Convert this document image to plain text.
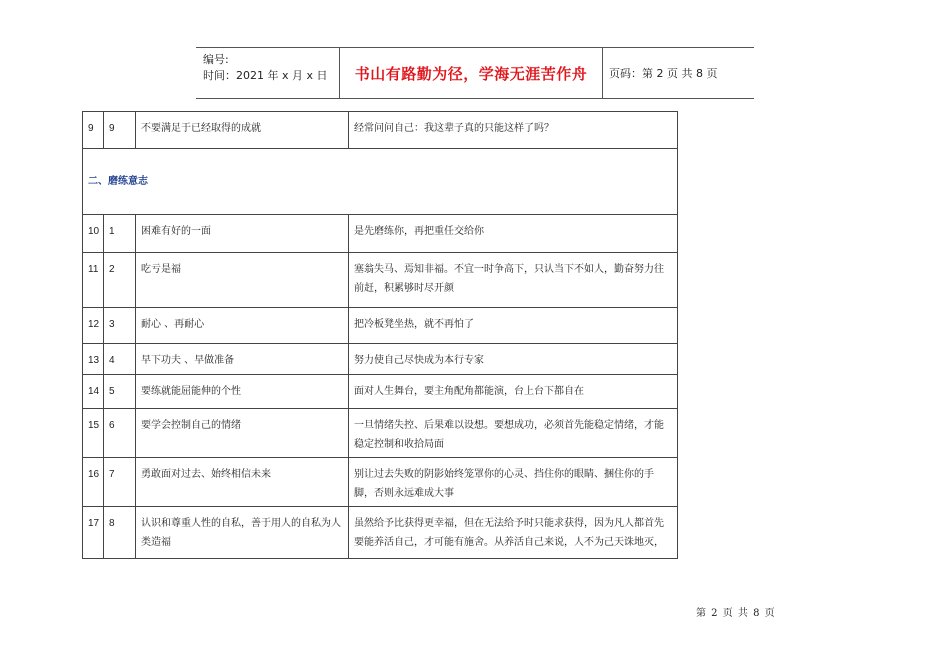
编号:
时间：2021 年 x 月 x 日	书山有路勤为径，学海无涯苦作舟	页码：第 2 页 共 8 页
9	9	不要满足于已经取得的成就	经常问问自己：我这辈子真的只能这样了吗？
二、磨练意志			
10	1	困难有好的一面	是先磨练你，再把重任交给你
11	2	吃亏是福	塞翁失马、焉知非福。不宜一时争高下，只认当下不如人，勤奋努力往前赶，积累够时尽开颜
12	3	耐心 、再耐心	把冷板凳坐热，就不再怕了
13	4	早下功夫 、早做准备	努力使自己尽快成为本行专家
14	5	要练就能屈能伸的个性	面对人生舞台，要主角配角都能演，台上台下都自在
15	6	要学会控制自己的情绪	一旦情绪失控、后果难以设想。要想成功，必须首先能稳定情绪，才能稳定控制和收拾局面
16	7	勇敢面对过去、始终相信未来	别让过去失败的阴影始终笼罩你的心灵、挡住你的眼睛、捆住你的手脚，否则永远难成大事
17	8	认识和尊重人性的自私，善于用人的自私为人类造福	虽然给予比获得更幸福，但在无法给予时只能求获得，因为凡人都首先要能养活自己，才可能有施舍。从养活自己来说，人不为己天诛地灭，
第 2 页 共 8 页
